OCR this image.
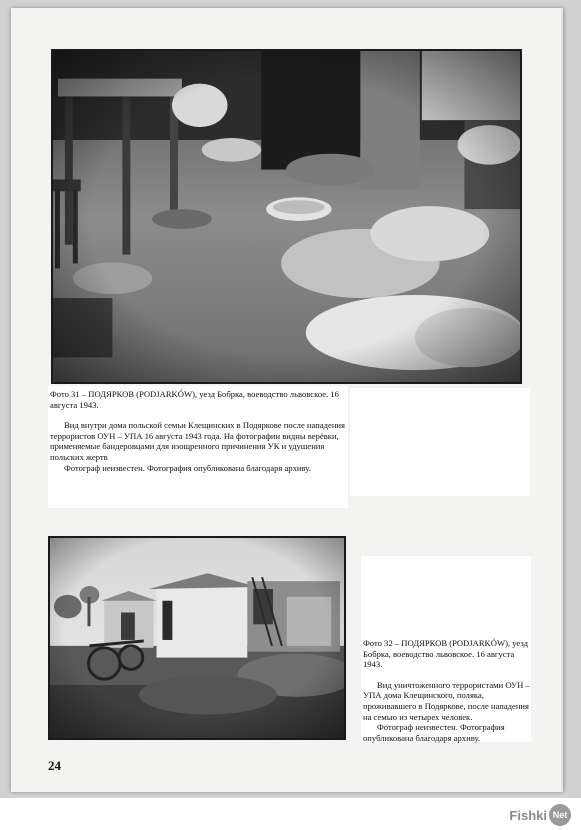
Фото 31 – ПОДЯРКОВ (PODJARKÓW), уезд Бобрка, воеводство львовское. 16 августа 1943.

Вид внутри дома польской семьи Клещинских в Подяркове после нападения террористов ОУН – УПА 16 августа 1943 года. На фотографии видны верёвки, применяемые бандеровцами для изощренного причинения УК и удушения польских жертв

Фотограф неизвестен. Фотография опубликована благодаря архиву.

Фото 32 – ПОДЯРКОВ (PODJARKÓW), уезд Бобрка, воеводство львовское. 16 августа 1943.

Вид уничтоженного террористами ОУН – УПА дома Клещинского, поляка, проживавшего в Подяркове, после нападения на семью из четырех человек.

Фотограф неизвестен. Фотография опубликована благодаря архиву.

24
Fishki Net
